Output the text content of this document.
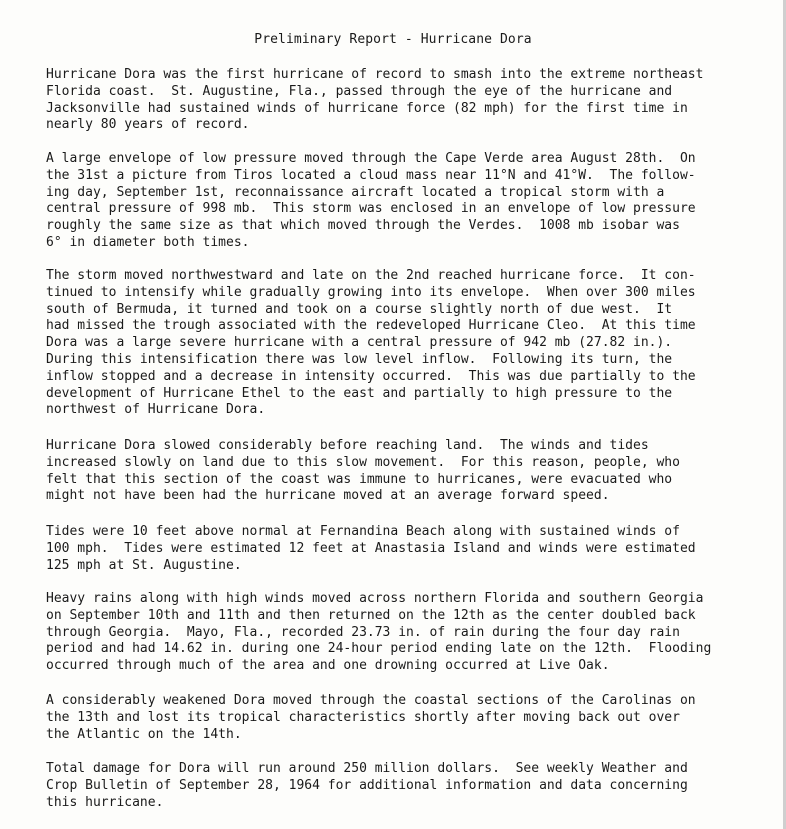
Preliminary Report - Hurricane Dora
Hurricane Dora was the first hurricane of record to smash into the extreme northeast
Florida coast.  St. Augustine, Fla., passed through the eye of the hurricane and
Jacksonville had sustained winds of hurricane force (82 mph) for the first time in
nearly 80 years of record.
A large envelope of low pressure moved through the Cape Verde area August 28th.  On
the 31st a picture from Tiros located a cloud mass near 11°N and 41°W.  The follow-
ing day, September 1st, reconnaissance aircraft located a tropical storm with a
central pressure of 998 mb.  This storm was enclosed in an envelope of low pressure
roughly the same size as that which moved through the Verdes.  1008 mb isobar was
6° in diameter both times.
The storm moved northwestward and late on the 2nd reached hurricane force.  It con-
tinued to intensify while gradually growing into its envelope.  When over 300 miles
south of Bermuda, it turned and took on a course slightly north of due west.  It
had missed the trough associated with the redeveloped Hurricane Cleo.  At this time
Dora was a large severe hurricane with a central pressure of 942 mb (27.82 in.).
During this intensification there was low level inflow.  Following its turn, the
inflow stopped and a decrease in intensity occurred.  This was due partially to the
development of Hurricane Ethel to the east and partially to high pressure to the
northwest of Hurricane Dora.
Hurricane Dora slowed considerably before reaching land.  The winds and tides
increased slowly on land due to this slow movement.  For this reason, people, who
felt that this section of the coast was immune to hurricanes, were evacuated who
might not have been had the hurricane moved at an average forward speed.
Tides were 10 feet above normal at Fernandina Beach along with sustained winds of
100 mph.  Tides were estimated 12 feet at Anastasia Island and winds were estimated
125 mph at St. Augustine.
Heavy rains along with high winds moved across northern Florida and southern Georgia
on September 10th and 11th and then returned on the 12th as the center doubled back
through Georgia.  Mayo, Fla., recorded 23.73 in. of rain during the four day rain
period and had 14.62 in. during one 24-hour period ending late on the 12th.  Flooding
occurred through much of the area and one drowning occurred at Live Oak.
A considerably weakened Dora moved through the coastal sections of the Carolinas on
the 13th and lost its tropical characteristics shortly after moving back out over
the Atlantic on the 14th.
Total damage for Dora will run around 250 million dollars.  See weekly Weather and
Crop Bulletin of September 28, 1964 for additional information and data concerning
this hurricane.
